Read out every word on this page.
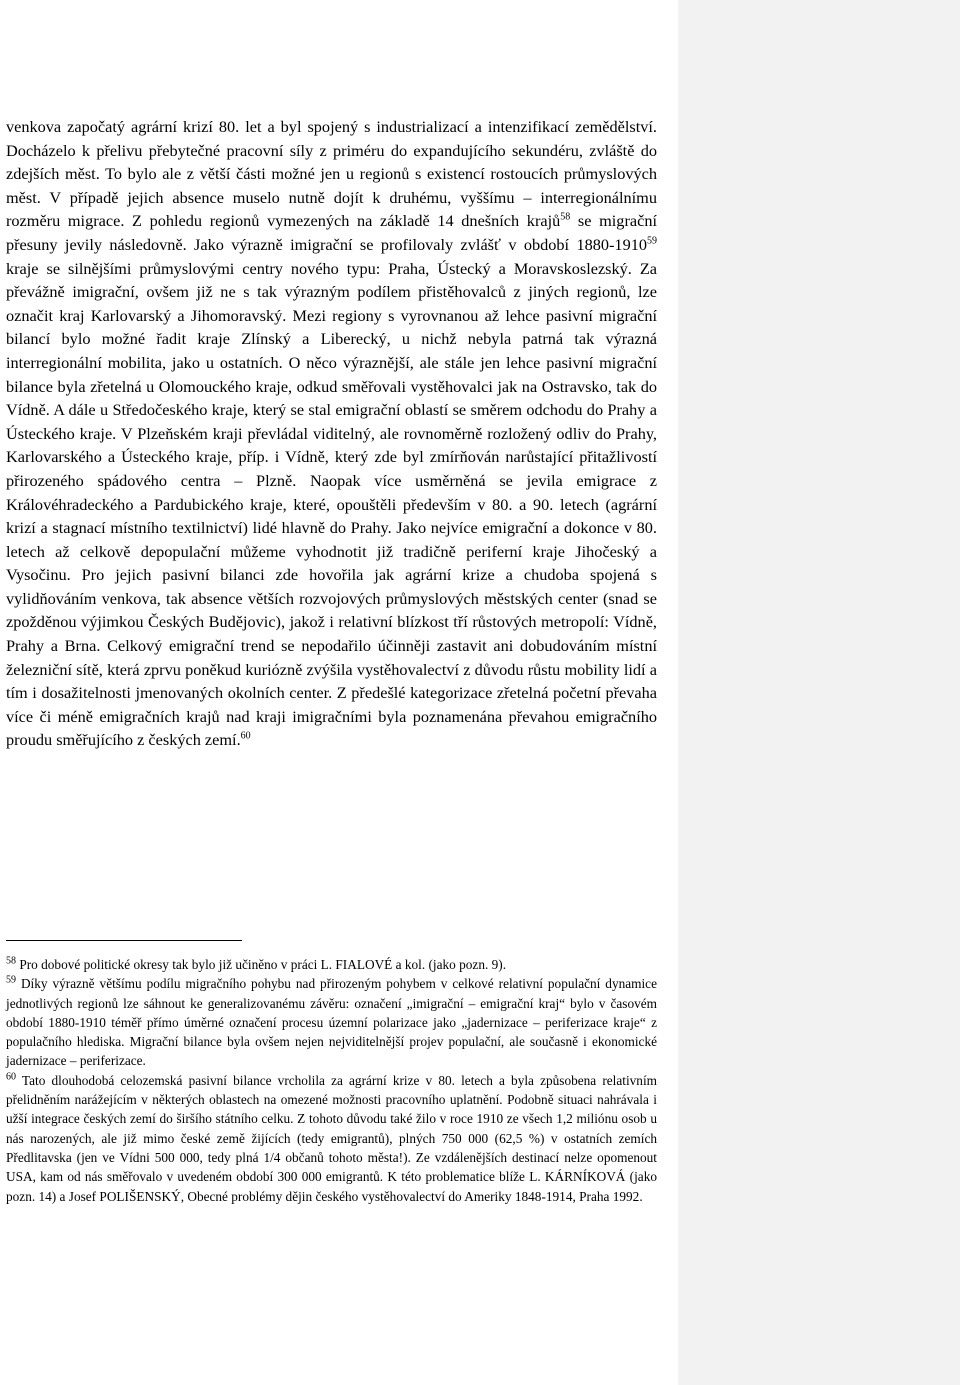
venkova započatý agrární krizí 80. let a byl spojený s industrializací a intenzifikací zemědělství. Docházelo k přelivu přebytečné pracovní síly z priméru do expandujícího sekundéru, zvláště do zdejších měst. To bylo ale z větší části možné jen u regionů s existencí rostoucích průmyslových měst. V případě jejich absence muselo nutně dojít k druhému, vyššímu – interregionálnímu rozměru migrace. Z pohledu regionů vymezených na základě 14 dnešních krajů$^{58}$ se migrační přesuny jevily následovně. Jako výrazně imigrační se profilovaly zvlášť v období 1880-1910$^{59}$ kraje se silnějšími průmyslovými centry nového typu: Praha, Ústecký a Moravskoslezský. Za převážně imigrační, ovšem již ne s tak výrazným podílem přistěhovalců z jiných regionů, lze označit kraj Karlovarský a Jihomoravský. Mezi regiony s vyrovnanou až lehce pasivní migrační bilancí bylo možné řadit kraje Zlínský a Liberecký, u nichž nebyla patrná tak výrazná interregionální mobilita, jako u ostatních. O něco výraznější, ale stále jen lehce pasivní migrační bilance byla zřetelná u Olomouckého kraje, odkud směřovali vystěhovalci jak na Ostravsko, tak do Vídně. A dále u Středočeského kraje, který se stal emigrační oblastí se směrem odchodu do Prahy a Ústeckého kraje. V Plzeňském kraji převládal viditelný, ale rovnoměrně rozložený odliv do Prahy, Karlovarského a Ústeckého kraje, příp. i Vídně, který zde byl zmírňován narůstající přitažlivostí přirozeného spádového centra – Plzně. Naopak více usměrněná se jevila emigrace z Královéhradeckého a Pardubického kraje, které, opouštěli především v 80. a 90. letech (agrární krizí a stagnací místního textilnictví) lidé hlavně do Prahy. Jako nejvíce emigrační a dokonce v 80. letech až celkově depopulační můžeme vyhodnotit již tradičně periferní kraje Jihočeský a Vysočinu. Pro jejich pasivní bilanci zde hovořila jak agrární krize a chudoba spojená s vylidňováním venkova, tak absence větších rozvojových průmyslových městských center (snad se zpožděnou výjimkou Českých Budějovic), jakož i relativní blízkost tří růstových metropolí: Vídně, Prahy a Brna. Celkový emigrační trend se nepodařilo účinněji zastavit ani dobudováním místní železniční sítě, která zprvu poněkud kuriózně zvýšila vystěhovalectví z důvodu růstu mobility lidí a tím i dosažitelnosti jmenovaných okolních center. Z předešlé kategorizace zřetelná početní převaha více či méně emigračních krajů nad kraji imigračními byla poznamenána převahou emigračního proudu směřujícího z českých zemí.$^{60}$

$^{58}$ Pro dobové politické okresy tak bylo již učiněno v práci L. FIALOVÉ a kol. (jako pozn. 9).

$^{59}$ Díky výrazně většímu podílu migračního pohybu nad přirozeným pohybem v celkové relativní populační dynamice jednotlivých regionů lze sáhnout ke generalizovanému závěru: označení „imigrační – emigrační kraj“ bylo v časovém období 1880-1910 téměř přímo úměrné označení procesu územní polarizace jako „jadernizace – periferizace kraje“ z populačního hlediska. Migrační bilance byla ovšem nejen nejviditelnější projev populační, ale současně i ekonomické jadernizace – periferizace.

$^{60}$ Tato dlouhodobá celozemská pasivní bilance vrcholila za agrární krize v 80. letech a byla způsobena relativním přelidněním narážejícím v některých oblastech na omezené možnosti pracovního uplatnění. Podobně situaci nahrávala i užší integrace českých zemí do širšího státního celku. Z tohoto důvodu také žilo v roce 1910 ze všech 1,2 miliónu osob u nás narozených, ale již mimo české země žijících (tedy emigrantů), plných 750 000 (62,5 %) v ostatních zemích Předlitavska (jen ve Vídni 500 000, tedy plná 1/4 občanů tohoto města!). Ze vzdálenějších destinací nelze opomenout USA, kam od nás směřovalo v uvedeném období 300 000 emigrantů. K této problematice blíže L. KÁRNÍKOVÁ (jako pozn. 14) a Josef POLIŠENSKÝ, Obecné problémy dějin českého vystěhovalectví do Ameriky 1848-1914, Praha 1992.
